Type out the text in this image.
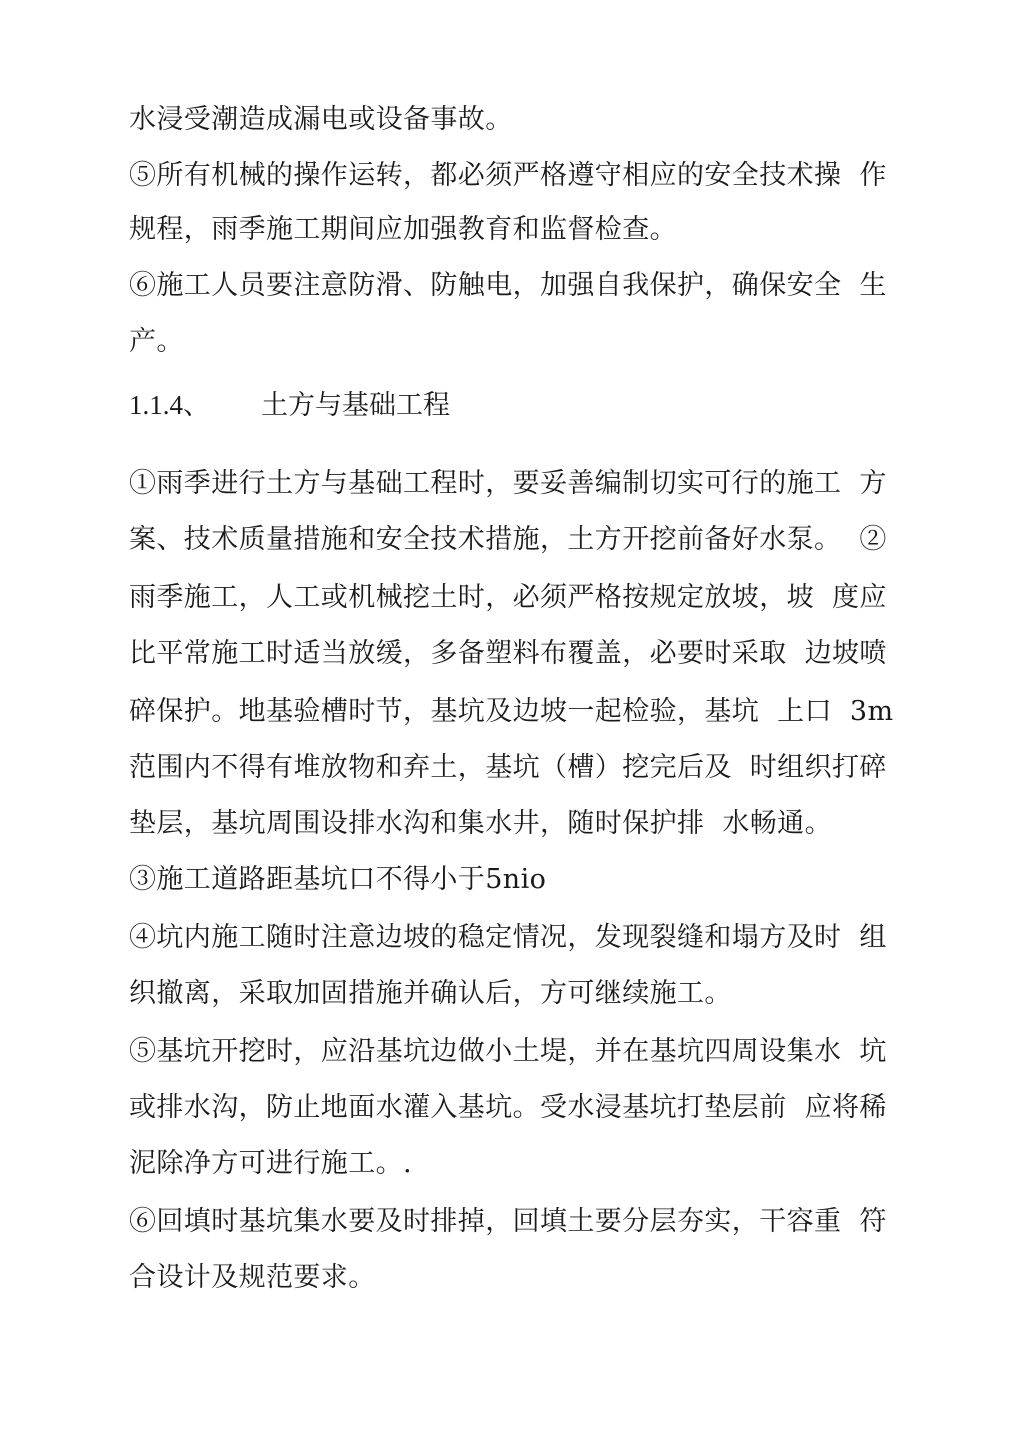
水浸受潮造成漏电或设备事故。
⑤所有机械的操作运转，都必须严格遵守相应的安全技术操  作
规程，雨季施工期间应加强教育和监督检查。
⑥施工人员要注意防滑、防触电，加强自我保护，确保安全  生
产。
1.1.4、 土方与基础工程
①雨季进行土方与基础工程时，要妥善编制切实可行的施工  方
案、技术质量措施和安全技术措施，土方开挖前备好水泵。  ②
雨季施工，人工或机械挖土时，必须严格按规定放坡，坡  度应
比平常施工时适当放缓，多备塑料布覆盖，必要时采取  边坡喷
碎保护。地基验槽时节，基坑及边坡一起检验，基坑  上口  3m
范围内不得有堆放物和弃土，基坑（槽）挖完后及  时组织打碎
垫层，基坑周围设排水沟和集水井，随时保护排  水畅通。
③施工道路距基坑口不得小于5nio
④坑内施工随时注意边坡的稳定情况，发现裂缝和塌方及时  组
织撤离，采取加固措施并确认后，方可继续施工。
⑤基坑开挖时，应沿基坑边做小土堤，并在基坑四周设集水  坑
或排水沟，防止地面水灌入基坑。受水浸基坑打垫层前  应将稀
泥除净方可进行施工。.
⑥回填时基坑集水要及时排掉，回填土要分层夯实，干容重  符
合设计及规范要求。
